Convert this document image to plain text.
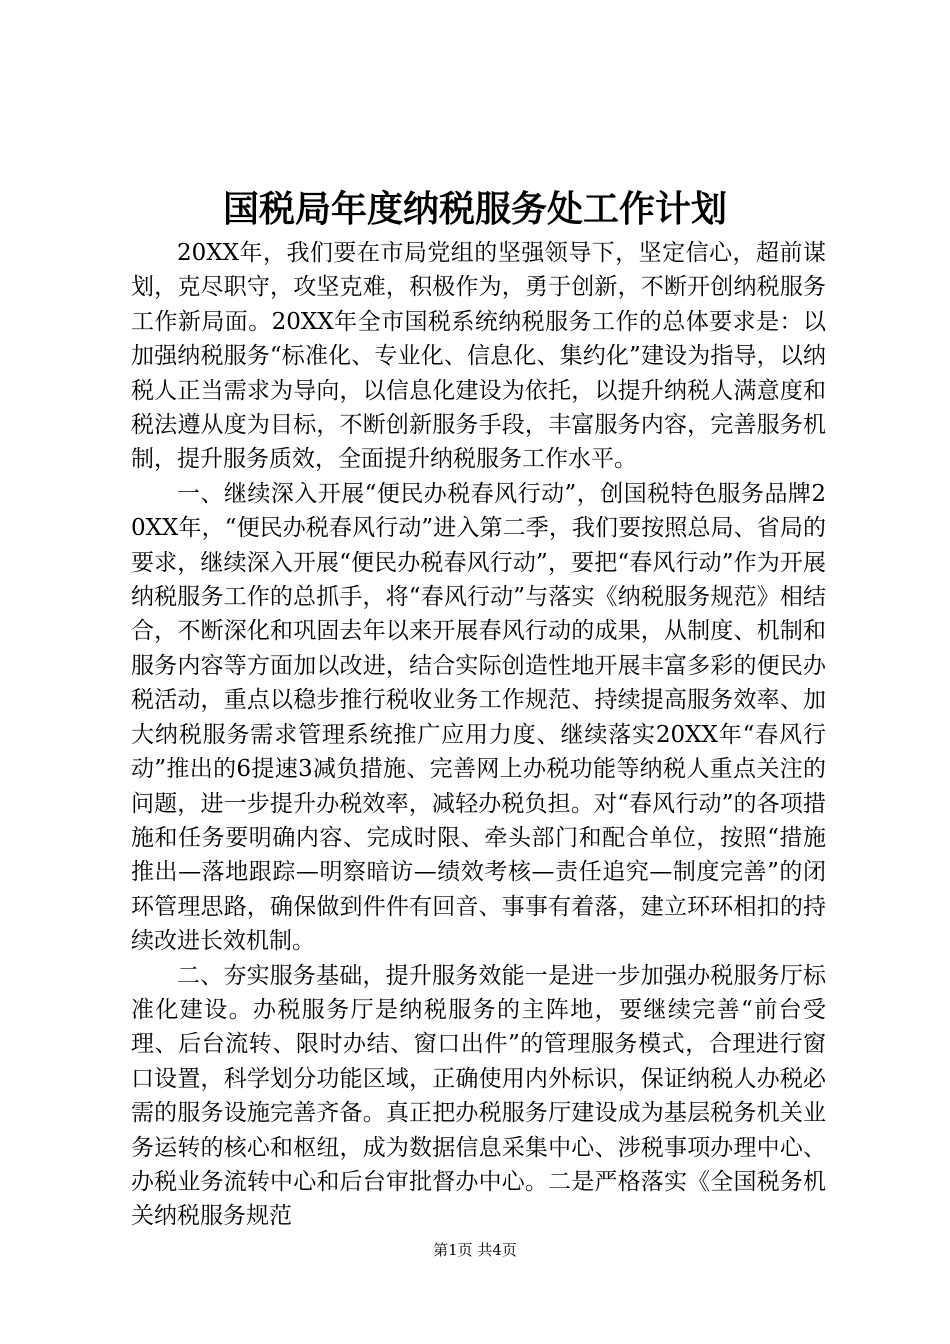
国税局年度纳税服务处工作计划

20XX年，我们要在市局党组的坚强领导下，坚定信心，超前谋划，克尽职守，攻坚克难，积极作为，勇于创新，不断开创纳税服务工作新局面。20XX年全市国税系统纳税服务工作的总体要求是：以加强纳税服务“标准化、专业化、信息化、集约化”建设为指导，以纳税人正当需求为导向，以信息化建设为依托，以提升纳税人满意度和税法遵从度为目标，不断创新服务手段，丰富服务内容，完善服务机制，提升服务质效，全面提升纳税服务工作水平。

一、继续深入开展“便民办税春风行动”，创国税特色服务品牌20XX年，“便民办税春风行动”进入第二季，我们要按照总局、省局的要求，继续深入开展“便民办税春风行动”，要把“春风行动”作为开展纳税服务工作的总抓手，将“春风行动”与落实《纳税服务规范》相结合，不断深化和巩固去年以来开展春风行动的成果，从制度、机制和服务内容等方面加以改进，结合实际创造性地开展丰富多彩的便民办税活动，重点以稳步推行税收业务工作规范、持续提高服务效率、加大纳税服务需求管理系统推广应用力度、继续落实20XX年“春风行动”推出的6提速3减负措施、完善网上办税功能等纳税人重点关注的问题，进一步提升办税效率，减轻办税负担。对“春风行动”的各项措施和任务要明确内容、完成时限、牵头部门和配合单位，按照“措施推出—落地跟踪—明察暗访—绩效考核—责任追究—制度完善”的闭环管理思路，确保做到件件有回音、事事有着落，建立环环相扣的持续改进长效机制。

二、夯实服务基础，提升服务效能一是进一步加强办税服务厅标准化建设。办税服务厅是纳税服务的主阵地，要继续完善“前台受理、后台流转、限时办结、窗口出件”的管理服务模式，合理进行窗口设置，科学划分功能区域，正确使用内外标识，保证纳税人办税必需的服务设施完善齐备。真正把办税服务厅建设成为基层税务机关业务运转的核心和枢纽，成为数据信息采集中心、涉税事项办理中心、办税业务流转中心和后台审批督办中心。二是严格落实《全国税务机关纳税服务规范

第1页 共4页
